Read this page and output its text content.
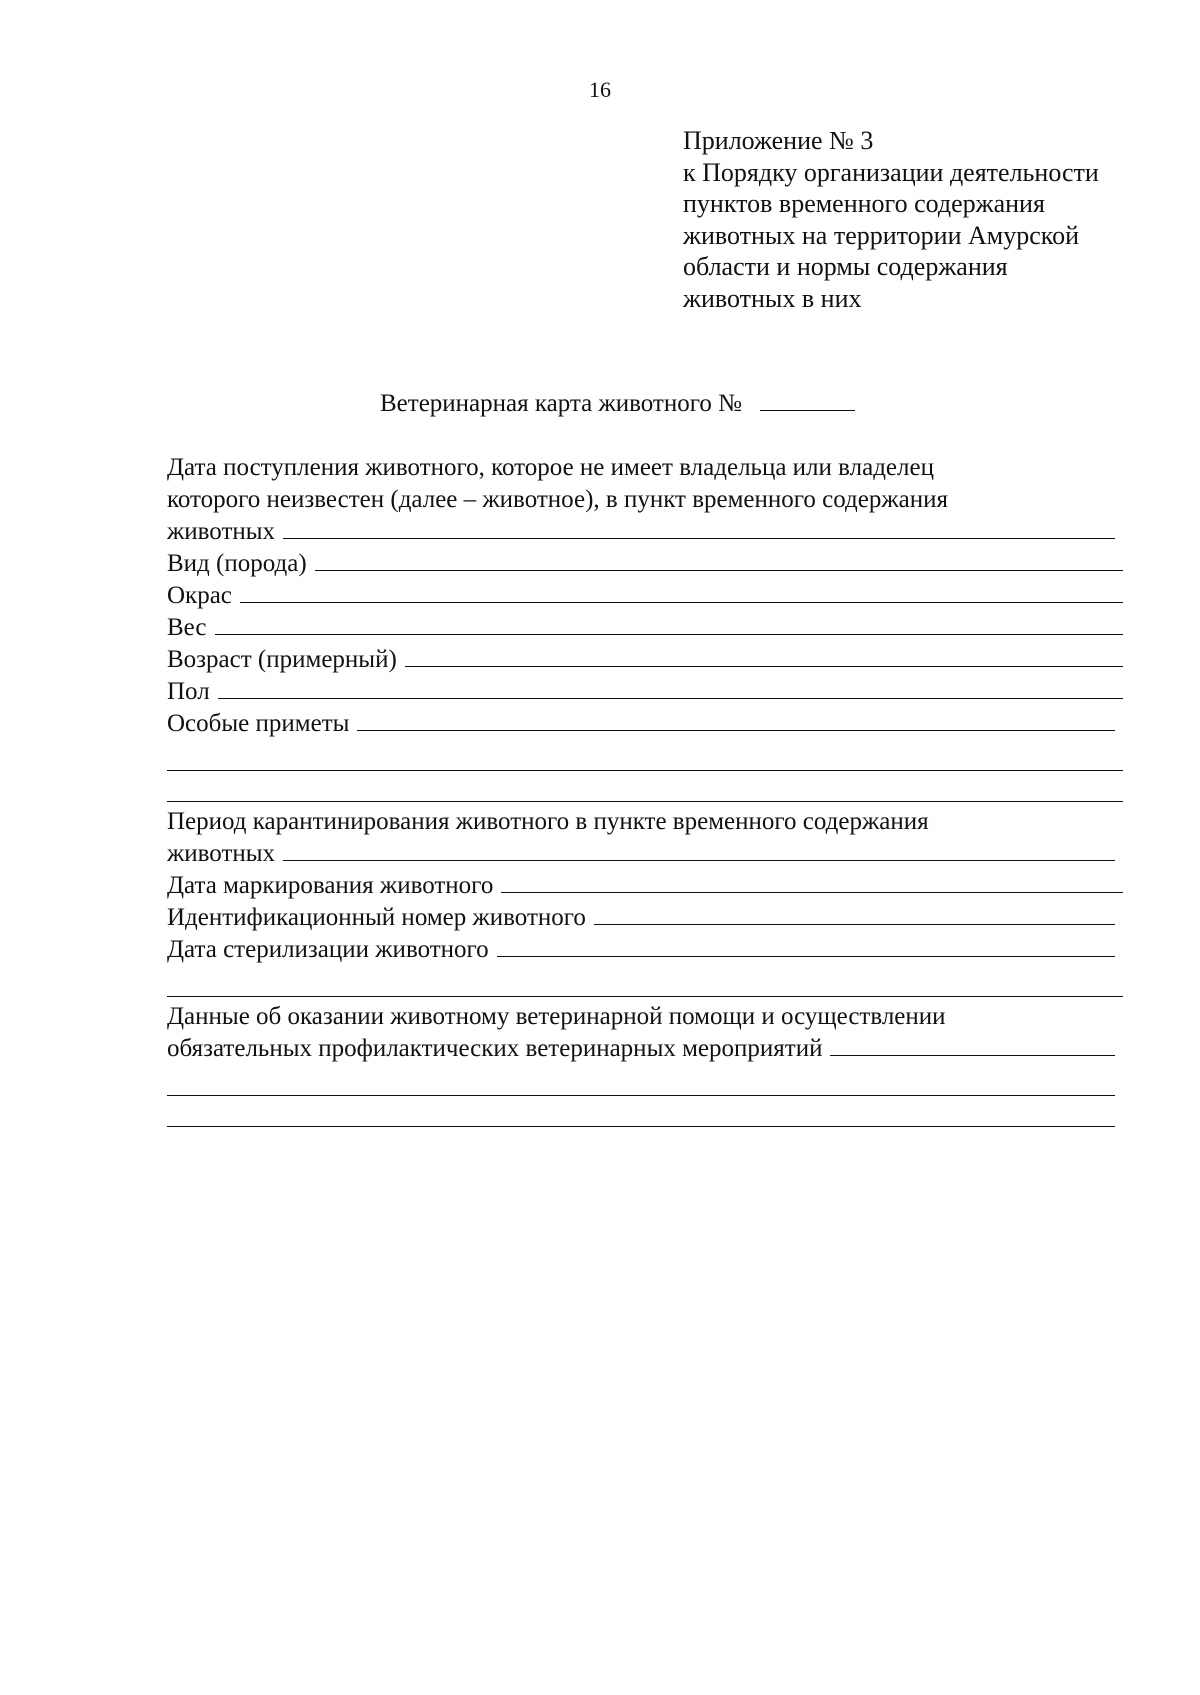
16
Приложение № 3
к Порядку организации деятельности
пунктов временного содержания
животных на территории Амурской
области и нормы содержания
животных в них
Ветеринарная карта животного №
Дата поступления животного, которое не имеет владельца или владелец
которого неизвестен (далее – животное), в пункт временного содержания
животных
Вид (порода)
Окрас
Вес
Возраст (примерный)
Пол
Особые приметы
Период карантинирования животного в пункте временного содержания
животных
Дата маркирования животного
Идентификационный номер животного
Дата стерилизации животного
Данные об оказании животному ветеринарной помощи и осуществлении
обязательных профилактических ветеринарных мероприятий
